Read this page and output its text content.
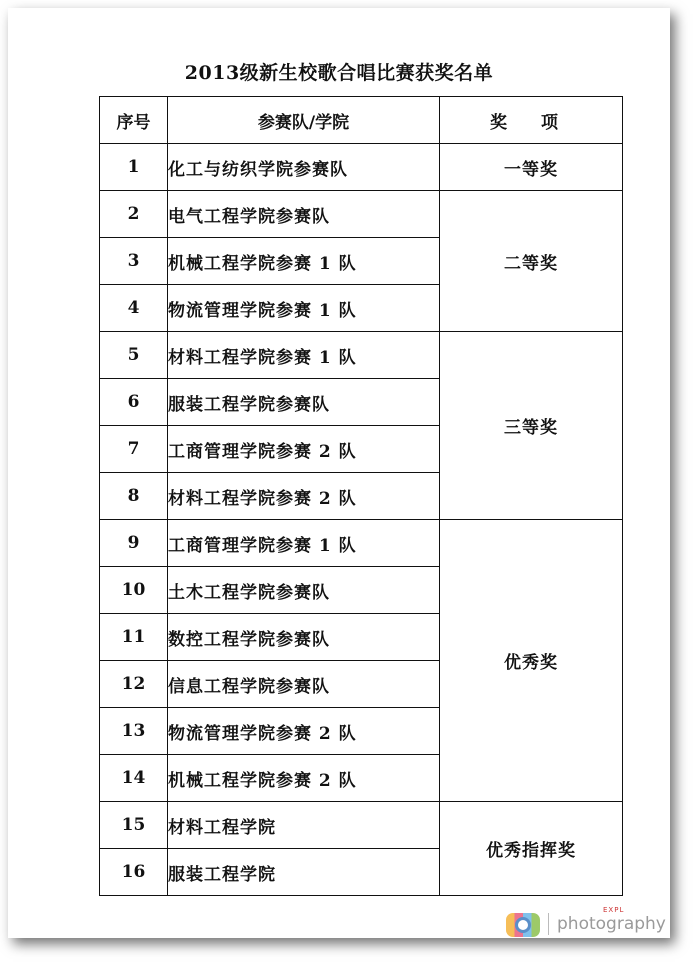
2013级新生校歌合唱比赛获奖名单
序号	参赛队/学院	奖 项
1	化工与纺织学院参赛队	一等奖
2	电气工程学院参赛队	二等奖
3	机械工程学院参赛 1 队	
4	物流管理学院参赛 1 队	
5	材料工程学院参赛 1 队	三等奖
6	服装工程学院参赛队	
7	工商管理学院参赛 2 队	
8	材料工程学院参赛 2 队	
9	工商管理学院参赛 1 队	优秀奖
10	土木工程学院参赛队	
11	数控工程学院参赛队	
12	信息工程学院参赛队	
13	物流管理学院参赛 2 队	
14	机械工程学院参赛 2 队	
15	材料工程学院	优秀指挥奖
16	服装工程学院	
EXPL
photography
